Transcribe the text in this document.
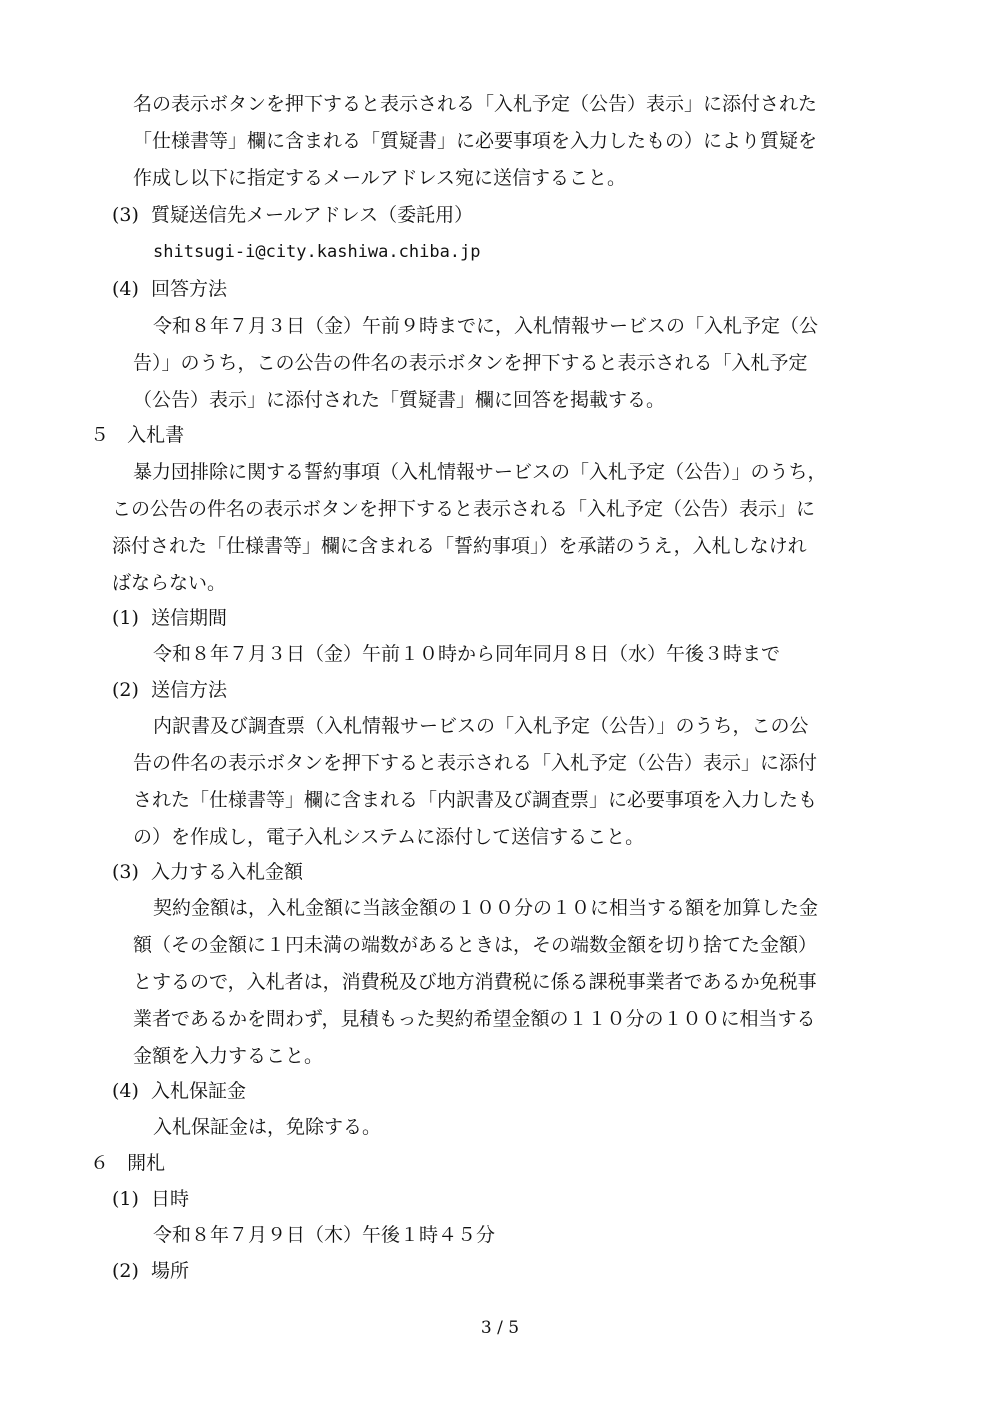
名の表示ボタンを押下すると表示される「入札予定（公告）表示」に添付された
「仕様書等」欄に含まれる「質疑書」に必要事項を入力したもの）により質疑を
作成し以下に指定するメールアドレス宛に送信すること。
(3) 質疑送信先メールアドレス（委託用）
shitsugi-i@city.kashiwa.chiba.jp
(4) 回答方法
令和８年７月３日（金）午前９時までに，入札情報サービスの「入札予定（公
告）」のうち，この公告の件名の表示ボタンを押下すると表示される「入札予定
（公告）表示」に添付された「質疑書」欄に回答を掲載する。
５ 入札書
暴力団排除に関する誓約事項（入札情報サービスの「入札予定（公告）」のうち，
この公告の件名の表示ボタンを押下すると表示される「入札予定（公告）表示」に
添付された「仕様書等」欄に含まれる「誓約事項」）を承諾のうえ，入札しなけれ
ばならない。
(1) 送信期間
令和８年７月３日（金）午前１０時から同年同月８日（水）午後３時まで
(2) 送信方法
内訳書及び調査票（入札情報サービスの「入札予定（公告）」のうち，この公
告の件名の表示ボタンを押下すると表示される「入札予定（公告）表示」に添付
された「仕様書等」欄に含まれる「内訳書及び調査票」に必要事項を入力したも
の）を作成し，電子入札システムに添付して送信すること。
(3) 入力する入札金額
契約金額は，入札金額に当該金額の１００分の１０に相当する額を加算した金
額（その金額に１円未満の端数があるときは，その端数金額を切り捨てた金額）
とするので，入札者は，消費税及び地方消費税に係る課税事業者であるか免税事
業者であるかを問わず，見積もった契約希望金額の１１０分の１００に相当する
金額を入力すること。
(4) 入札保証金
入札保証金は，免除する。
６ 開札
(1) 日時
令和８年７月９日（木）午後１時４５分
(2) 場所
3 / 5
